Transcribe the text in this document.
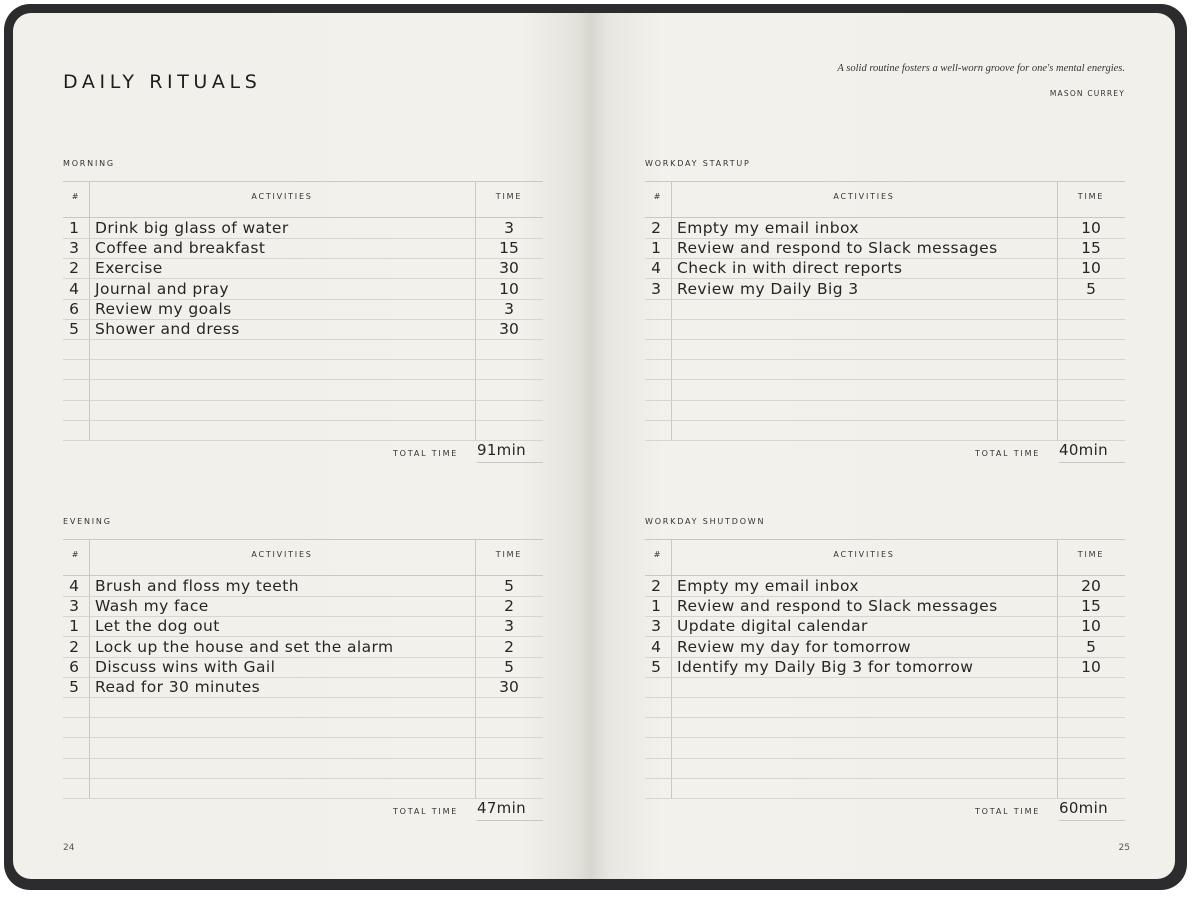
DAILY RITUALS
MORNING
#	ACTIVITIES	TIME
1	Drink big glass of water	3
3	Coffee and breakfast	15
2	Exercise	30
4	Journal and pray	10
6	Review my goals	3
5	Shower and dress	30
TOTAL TIME 91min
EVENING
#	ACTIVITIES	TIME
4	Brush and floss my teeth	5
3	Wash my face	2
1	Let the dog out	3
2	Lock up the house and set the alarm	2
6	Discuss wins with Gail	5
5	Read for 30 minutes	30
TOTAL TIME 47min
24
A solid routine fosters a well-worn groove for one's mental energies.
MASON CURREY
WORKDAY STARTUP
#	ACTIVITIES	TIME
2	Empty my email inbox	10
1	Review and respond to Slack messages	15
4	Check in with direct reports	10
3	Review my Daily Big 3	5
TOTAL TIME 40min
WORKDAY SHUTDOWN
#	ACTIVITIES	TIME
2	Empty my email inbox	20
1	Review and respond to Slack messages	15
3	Update digital calendar	10
4	Review my day for tomorrow	5
5	Identify my Daily Big 3 for tomorrow	10
TOTAL TIME 60min
25
